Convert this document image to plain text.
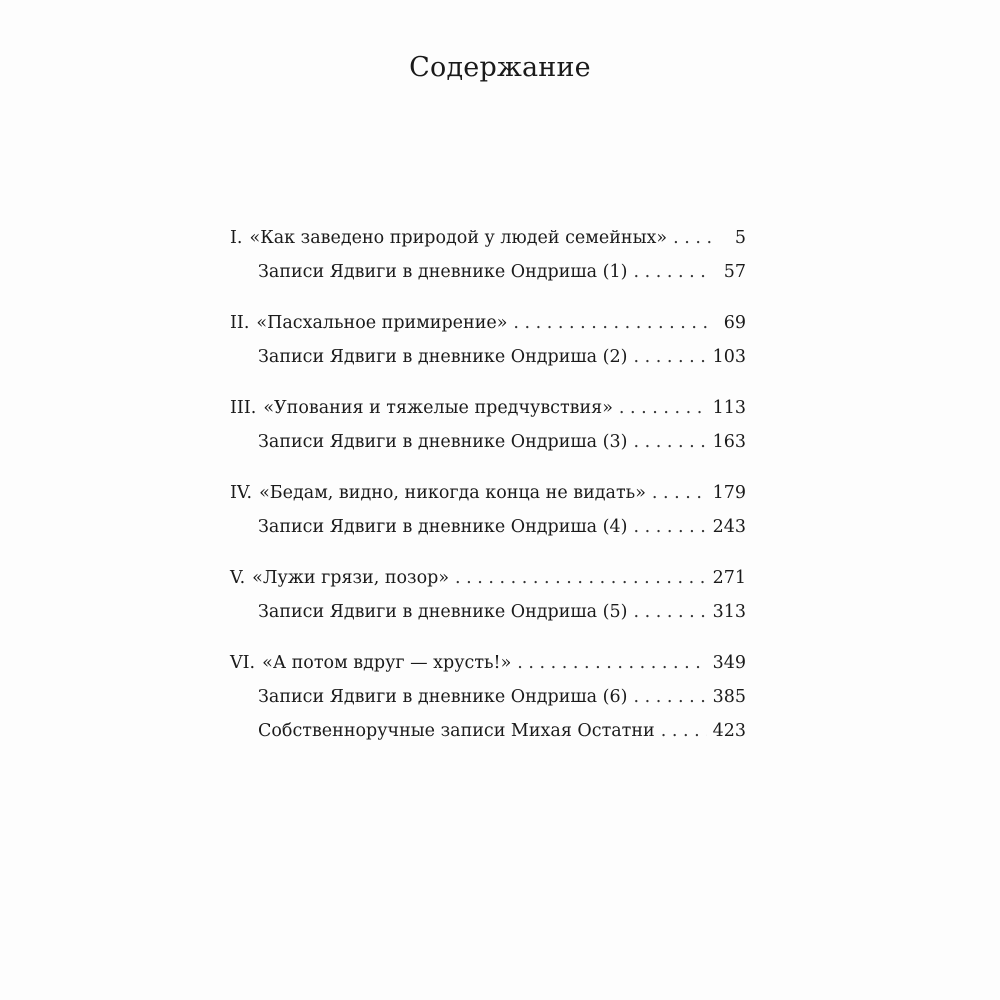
Содержание
I. «Как заведено природой у людей семейных» . . .	5
Записи Ядвиги в дневнике Ондриша (1) . . .	57
II. «Пасхальное примирение» . . .	69
Записи Ядвиги в дневнике Ондриша (2) . . .	103
III. «Упования и тяжелые предчувствия» . . .	113
Записи Ядвиги в дневнике Ондриша (3) . . .	163
IV. «Бедам, видно, никогда конца не видать» . . .	179
Записи Ядвиги в дневнике Ондриша (4) . . .	243
V. «Лужи грязи, позор» . . .	271
Записи Ядвиги в дневнике Ондриша (5) . . .	313
VI. «А потом вдруг — хрусть!» . . .	349
Записи Ядвиги в дневнике Ондриша (6) . . .	385
Собственноручные записи Михая Остатни . . .	423
